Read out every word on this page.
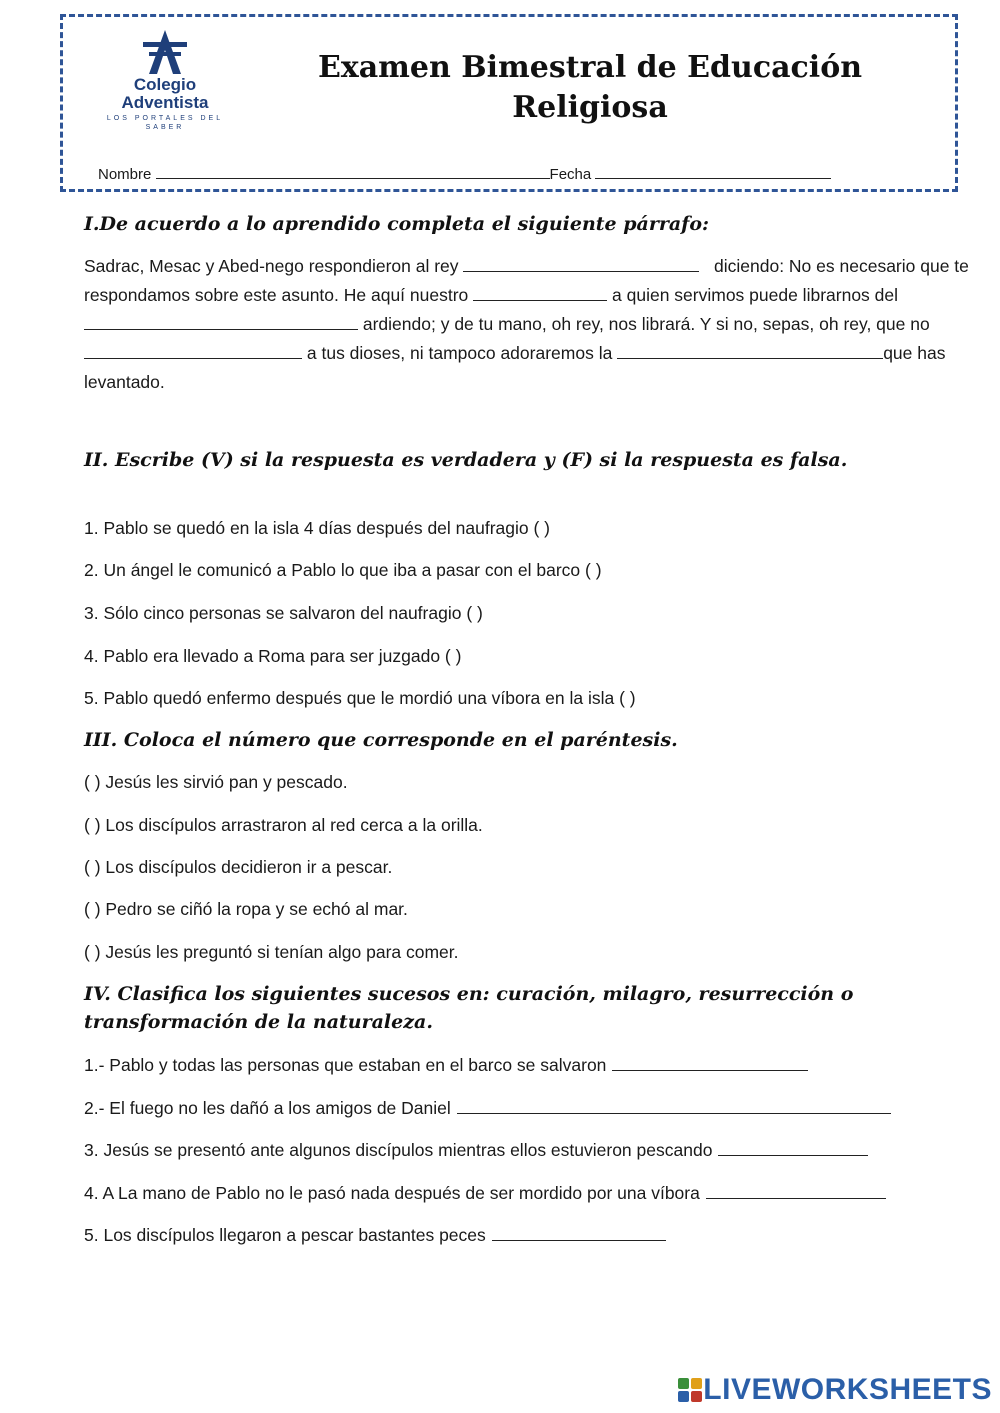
Colegio
Adventista
LOS PORTALES DEL SABER
Examen Bimestral de Educación Religiosa
Nombre	Fecha
I.De acuerdo a lo aprendido completa el siguiente párrafo:
Sadrac, Mesac y Abed-nego respondieron al rey	diciendo: No es necesario que te respondamos sobre este asunto. He aquí nuestro	a quien servimos puede librarnos del  ardiendo; y de tu mano, oh rey, nos librará. Y si no, sepas, oh rey, que no  a tus dioses, ni tampoco adoraremos la	que has levantado.
II. Escribe (V) si la respuesta es verdadera y (F) si la respuesta es falsa.
1. Pablo se quedó en la isla 4 días después del naufragio ( )
2. Un ángel le comunicó a Pablo lo que iba a pasar con el barco ( )
3. Sólo cinco personas se salvaron del naufragio ( )
4. Pablo era llevado a Roma para ser juzgado ( )
5. Pablo quedó enfermo después que le mordió una víbora en la isla ( )
III. Coloca el número que corresponde en el paréntesis.
( ) Jesús les sirvió pan y pescado.
( ) Los discípulos arrastraron al red cerca a la orilla.
( ) Los discípulos decidieron ir a pescar.
( ) Pedro se ciñó la ropa y se echó al mar.
( ) Jesús les preguntó si tenían algo para comer.
IV. Clasifica los siguientes sucesos en: curación, milagro, resurrección o transformación de la naturaleza.
1.- Pablo y todas las personas que estaban en el barco se salvaron
2.- El fuego no les dañó a los amigos de Daniel
3. Jesús se presentó ante algunos discípulos mientras ellos estuvieron pescando
4. A La mano de Pablo no le pasó nada después de ser mordido por una víbora
5. Los discípulos llegaron a pescar bastantes peces
LIVEWORKSHEETS
